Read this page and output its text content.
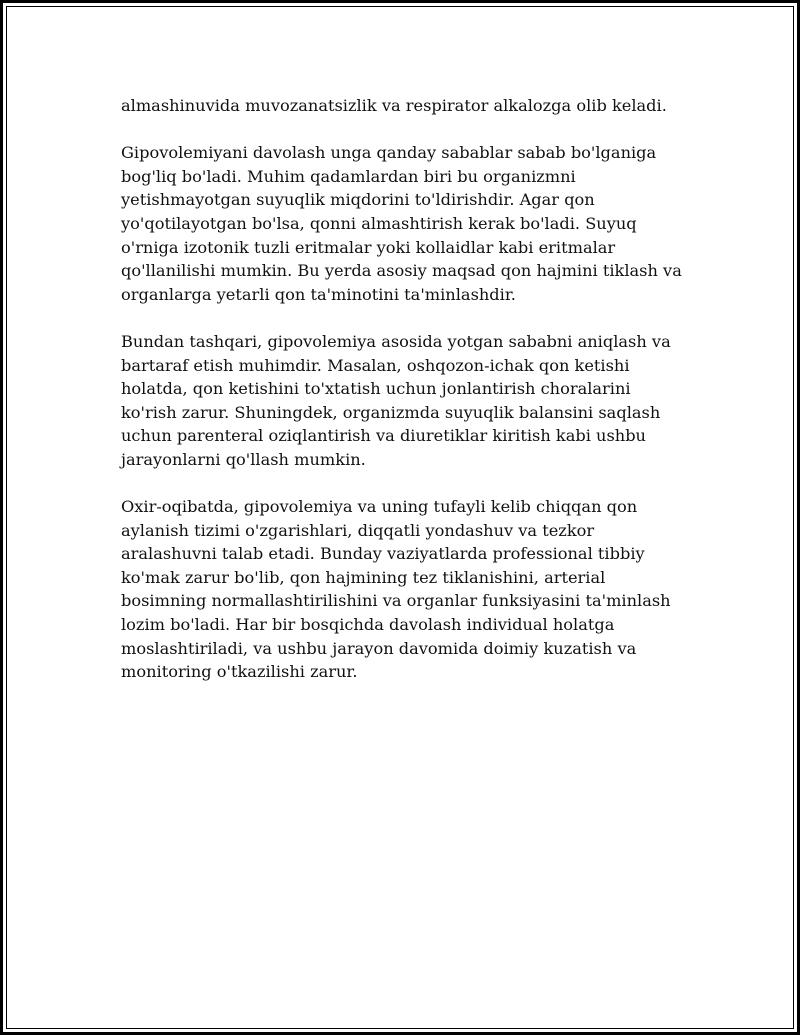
almashinuvida muvozanatsizlik va respirator alkalozga olib keladi.

Gipovolemiyani davolash unga qanday sabablar sabab bo'lganiga bog'liq bo'ladi. Muhim qadamlardan biri bu organizmni yetishmayotgan suyuqlik miqdorini to'ldirishdir. Agar qon yo'qotilayotgan bo'lsa, qonni almashtirish kerak bo'ladi. Suyuq o'rniga izotonik tuzli eritmalar yoki kollaidlar kabi eritmalar qo'llanilishi mumkin. Bu yerda asosiy maqsad qon hajmini tiklash va organlarga yetarli qon ta'minotini ta'minlashdir.

Bundan tashqari, gipovolemiya asosida yotgan sababni aniqlash va bartaraf etish muhimdir. Masalan, oshqozon-ichak qon ketishi holatda, qon ketishini to'xtatish uchun jonlantirish choralarini ko'rish zarur. Shuningdek, organizmda suyuqlik balansini saqlash uchun parenteral oziqlantirish va diuretiklar kiritish kabi ushbu jarayonlarni qo'llash mumkin.

Oxir-oqibatda, gipovolemiya va uning tufayli kelib chiqqan qon aylanish tizimi o'zgarishlari, diqqatli yondashuv va tezkor aralashuvni talab etadi. Bunday vaziyatlarda professional tibbiy ko'mak zarur bo'lib, qon hajmining tez tiklanishini, arterial bosimning normallashtirilishini va organlar funksiyasini ta'minlash lozim bo'ladi. Har bir bosqichda davolash individual holatga moslashtiriladi, va ushbu jarayon davomida doimiy kuzatish va monitoring o'tkazilishi zarur.
